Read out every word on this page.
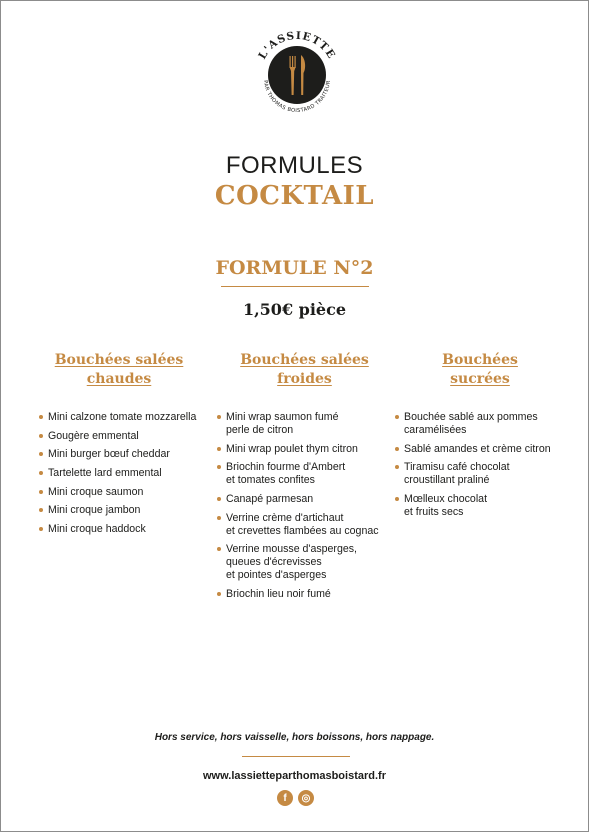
L'ASSIETTE
PAR THOMAS BOISTARD TRAITEUR
FORMULES
COCKTAIL
FORMULE N°2
1,50€ pièce
Bouchées salées
chaudes
Mini calzone tomate mozzarella
Gougère emmental
Mini burger bœuf cheddar
Tartelette lard emmental
Mini croque saumon
Mini croque jambon
Mini croque haddock
Bouchées salées
froides
Mini wrap saumon fumé
perle de citron
Mini wrap poulet thym citron
Briochin fourme d'Ambert
et tomates confites
Canapé parmesan
Verrine crème d'artichaut
et crevettes flambées au cognac
Verrine mousse d'asperges,
queues d'écrevisses
et pointes d'asperges
Briochin lieu noir fumé
Bouchées
sucrées
Bouchée sablé aux pommes
caramélisées
Sablé amandes et crème citron
Tiramisu café chocolat
croustillant praliné
Mœlleux chocolat
et fruits secs
Hors service, hors vaisselle, hors boissons, hors nappage.
www.lassietteparthomasboistard.fr
f	◎
